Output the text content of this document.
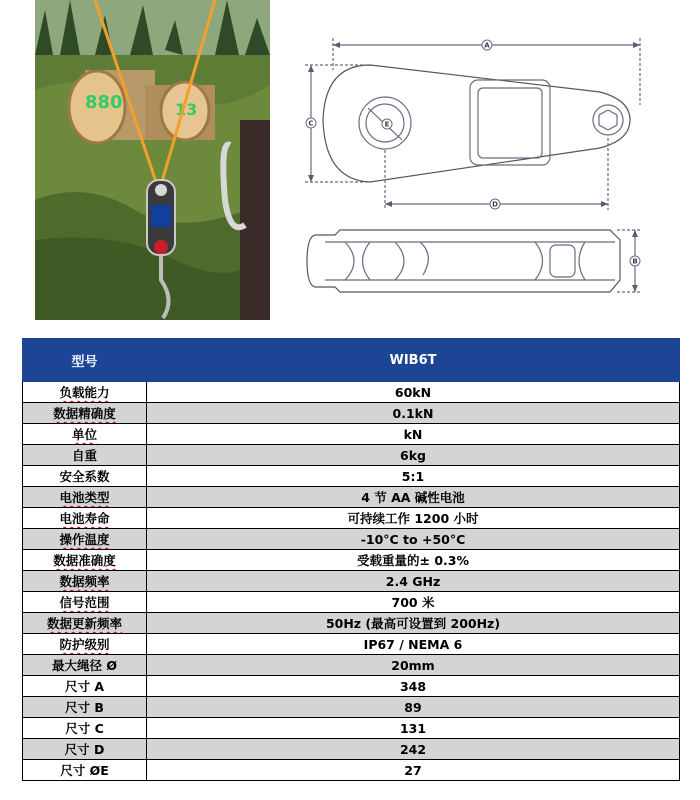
880	13
A
C
D
E
B
型号	WIB6T
负载能力	60kN
数据精确度	0.1kN
单位	kN
自重	6kg
安全系数	5:1
电池类型	4 节 AA 碱性电池
电池寿命	可持续工作 1200 小时
操作温度	-10°C to +50°C
数据准确度	受载重量的± 0.3%
数据频率	2.4 GHz
信号范围	700 米
数据更新频率	50Hz (最高可设置到 200Hz)
防护级别	IP67 / NEMA 6
最大绳径 Ø	20mm
尺寸 A	348
尺寸 B	89
尺寸 C	131
尺寸 D	242
尺寸 ØE	27
